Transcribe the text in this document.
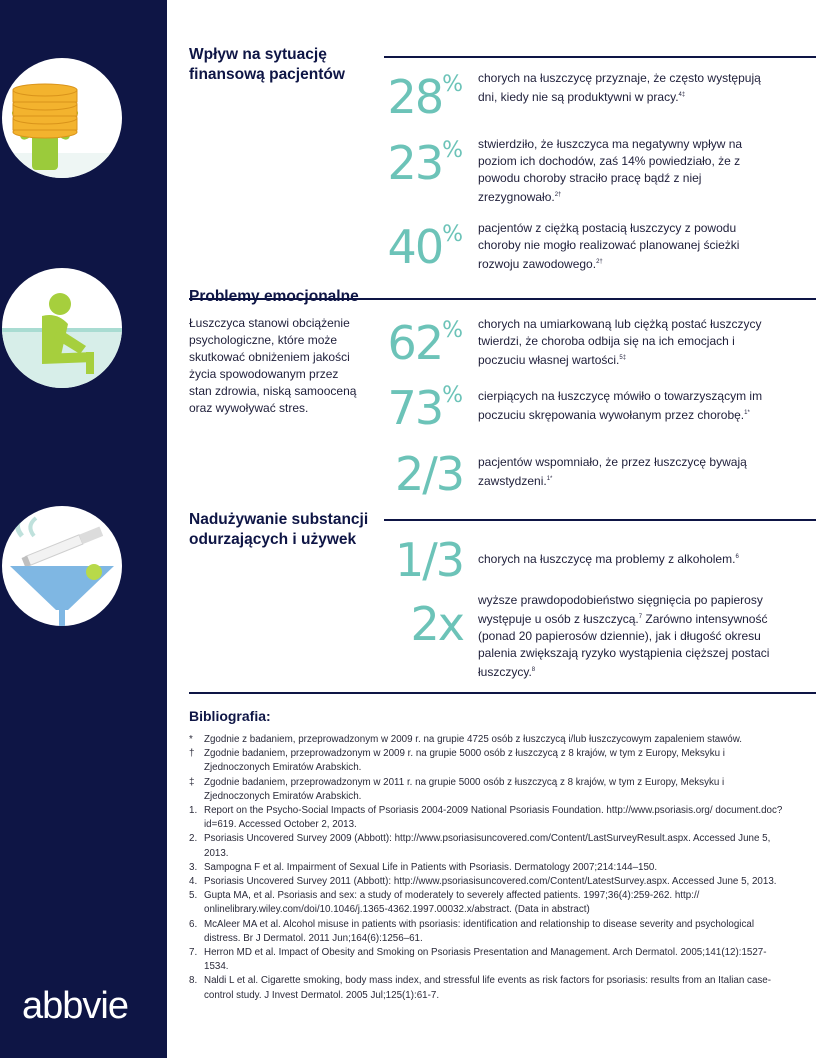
abbvie
Wpływ na sytuację
finansową pacjentów
Problemy emocjonalne
Nadużywanie substancji
odurzających i używek
Łuszczyca stanowi obciążenie psychologiczne, które może skutkować obniżeniem jakości życia spowodowanym przez stan zdrowia, niską samooceną oraz wywoływać stres.
28% chorych na łuszczycę przyznaje, że często występują dni, kiedy nie są produktywni w pracy.$^{4\ddagger}$
23% stwierdziło, że łuszczyca ma negatywny wpływ na poziom ich dochodów, zaś 14% powiedziało, że z powodu choroby straciło pracę bądź z niej zrezygnowało.$^{2\dagger}$
40% pacjentów z ciężką postacią łuszczycy z powodu choroby nie mogło realizować planowanej ścieżki rozwoju zawodowego.$^{2\dagger}$
62% chorych na umiarkowaną lub ciężką postać łuszczycy twierdzi, że choroba odbija się na ich emocjach i poczuciu własnej wartości.$^{5\ddagger}$
73% cierpiących na łuszczycę mówiło o towarzyszącym im poczuciu skrępowania wywołanym przez chorobę.$^{1*}$
2/3 pacjentów wspomniało, że przez łuszczycę bywają zawstydzeni.$^{1*}$
1/3 chorych na łuszczycę ma problemy z alkoholem.$^6$
2x wyższe prawdopodobieństwo sięgnięcia po papierosy występuje u osób z łuszczycą.$^7$ Zarówno intensywność (ponad 20 papierosów dziennie), jak i długość okresu palenia zwiększają ryzyko wystąpienia cięższej postaci łuszczycy.$^8$
Bibliografia:
* Zgodnie z badaniem, przeprowadzonym w 2009 r. na grupie 4725 osób z łuszczycą i/lub łuszczycowym zapaleniem stawów.
† Zgodnie badaniem, przeprowadzonym w 2009 r. na grupie 5000 osób z łuszczycą z 8 krajów, w tym z Europy, Meksyku i Zjednoczonych Emiratów Arabskich.
‡ Zgodnie badaniem, przeprowadzonym w 2011 r. na grupie 5000 osób z łuszczycą z 8 krajów, w tym z Europy, Meksyku i Zjednoczonych Emiratów Arabskich.
1. Report on the Psycho-Social Impacts of Psoriasis 2004-2009 National Psoriasis Foundation. http://www.psoriasis.org/ document.doc?id=619. Accessed October 2, 2013.
2. Psoriasis Uncovered Survey 2009 (Abbott): http://www.psoriasisuncovered.com/Content/LastSurveyResult.aspx. Accessed June 5, 2013.
3. Sampogna F et al. Impairment of Sexual Life in Patients with Psoriasis. Dermatology 2007;214:144–150.
4. Psoriasis Uncovered Survey 2011 (Abbott): http://www.psoriasisuncovered.com/Content/LatestSurvey.aspx. Accessed June 5, 2013.
5. Gupta MA, et al. Psoriasis and sex: a study of moderately to severely affected patients. 1997;36(4):259-262. http:// onlinelibrary.wiley.com/doi/10.1046/j.1365-4362.1997.00032.x/abstract. (Data in abstract)
6. McAleer MA et al. Alcohol misuse in patients with psoriasis: identification and relationship to disease severity and psychological distress. Br J Dermatol. 2011 Jun;164(6):1256–61.
7. Herron MD et al. Impact of Obesity and Smoking on Psoriasis Presentation and Management. Arch Dermatol. 2005;141(12):1527-1534.
8. Naldi L et al. Cigarette smoking, body mass index, and stressful life events as risk factors for psoriasis: results from an Italian case-control study. J Invest Dermatol. 2005 Jul;125(1):61-7.
